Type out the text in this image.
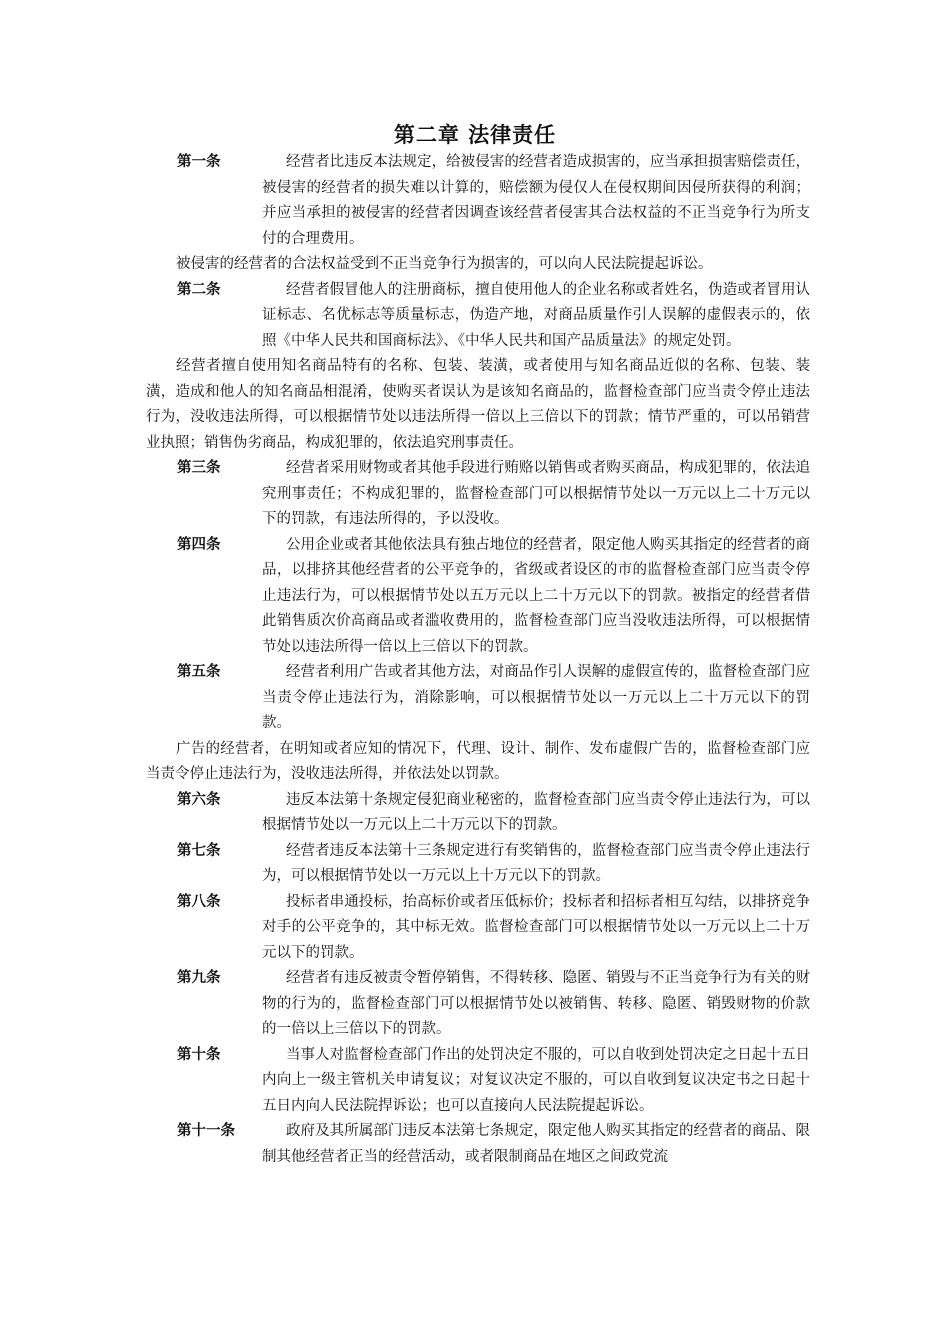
第二章 法律责任
第一条	经营者比违反本法规定，给被侵害的经营者造成损害的，应当承担损害赔偿责任，被侵害的经营者的损失难以计算的，赔偿额为侵仅人在侵权期间因侵所获得的利润；并应当承担的被侵害的经营者因调查该经营者侵害其合法权益的不正当竞争行为所支付的合理费用。

被侵害的经营者的合法权益受到不正当竞争行为损害的，可以向人民法院提起诉讼。

第二条	经营者假冒他人的注册商标，擅自使用他人的企业名称或者姓名，伪造或者冒用认证标志、名优标志等质量标志，伪造产地，对商品质量作引人误解的虚假表示的，依照《中华人民共和国商标法》、《中华人民共和国产品质量法》的规定处罚。

经营者擅自使用知名商品特有的名称、包装、装潢，或者使用与知名商品近似的名称、包装、装潢，造成和他人的知名商品相混淆，使购买者误认为是该知名商品的，监督检查部门应当责令停止违法行为，没收违法所得，可以根据情节处以违法所得一倍以上三倍以下的罚款；情节严重的，可以吊销营业执照；销售伪劣商品，构成犯罪的，依法追究刑事责任。

第三条	经营者采用财物或者其他手段进行贿赂以销售或者购买商品，构成犯罪的，依法追究刑事责任；不构成犯罪的，监督检查部门可以根据情节处以一万元以上二十万元以下的罚款，有违法所得的，予以没收。
第四条	公用企业或者其他依法具有独占地位的经营者，限定他人购买其指定的经营者的商品，以排挤其他经营者的公平竞争的，省级或者设区的市的监督检查部门应当责令停止违法行为，可以根据情节处以五万元以上二十万元以下的罚款。被指定的经营者借此销售质次价高商品或者滥收费用的，监督检查部门应当没收违法所得，可以根据情节处以违法所得一倍以上三倍以下的罚款。
第五条	经营者利用广告或者其他方法，对商品作引人误解的虚假宣传的，监督检查部门应当责令停止违法行为，消除影响，可以根据情节处以一万元以上二十万元以下的罚款。

广告的经营者，在明知或者应知的情况下，代理、设计、制作、发布虚假广告的，监督检查部门应当责令停止违法行为，没收违法所得，并依法处以罚款。

第六条	违反本法第十条规定侵犯商业秘密的，监督检查部门应当责令停止违法行为，可以根据情节处以一万元以上二十万元以下的罚款。
第七条	经营者违反本法第十三条规定进行有奖销售的，监督检查部门应当责令停止违法行为，可以根据情节处以一万元以上十万元以下的罚款。
第八条	投标者串通投标，抬高标价或者压低标价；投标者和招标者相互勾结，以排挤竞争对手的公平竞争的，其中标无效。监督检查部门可以根据情节处以一万元以上二十万元以下的罚款。
第九条	经营者有违反被责令暂停销售，不得转移、隐匿、销毁与不正当竞争行为有关的财物的行为的，监督检查部门可以根据情节处以被销售、转移、隐匿、销毁财物的价款的一倍以上三倍以下的罚款。
第十条	当事人对监督检查部门作出的处罚决定不服的，可以自收到处罚决定之日起十五日内向上一级主管机关申请复议；对复议决定不服的，可以自收到复议决定书之日起十五日内向人民法院捍诉讼；也可以直接向人民法院提起诉讼。
第十一条	政府及其所属部门违反本法第七条规定，限定他人购买其指定的经营者的商品、限制其他经营者正当的经营活动，或者限制商品在地区之间政党流
